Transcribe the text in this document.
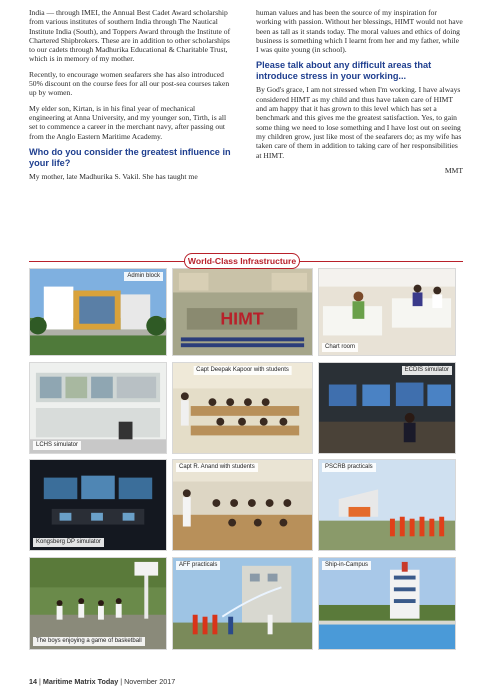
India — through IMEI, the Annual Best Cadet Award scholarship from various institutes of southern India through The Nautical Institute India (South), and Toppers Award through the Institute of Chartered Shipbrokers. These are in addition to other scholarships to our cadets through Madhurika Educational & Charitable Trust, which is in memory of my mother.

Recently, to encourage women seafarers she has also introduced 50% discount on the course fees for all our post-sea courses taken up by women.

My elder son, Kirtan, is in his final year of mechanical engineering at Anna University, and my younger son, Tirth, is all set to commence a career in the merchant navy, after passing out from the Anglo Eastern Maritime Academy.

Who do you consider the greatest influence in your life?

My mother, late Madhurika S. Vakil. She has taught me

human values and has been the source of my inspiration for working with passion. Without her blessings, HIMT would not have been as tall as it stands today. The moral values and ethics of doing business is something which I learnt from her and my father, while I was quite young (in school).

Please talk about any difficult areas that introduce stress in your working...

By God's grace, I am not stressed when I'm working. I have always considered HIMT as my child and thus have taken care of HIMT and am happy that it has grown to this level which has set a benchmark and this gives me the greatest satisfaction. Yes, to gain some thing we need to lose something and I have lost out on seeing my children grow, just like most of the seafarers do; as my wife has taken care of them in addition to taking care of her responsibilities at HIMT.

MMT
World-Class Infrastructure
Admin block
HIMT
Chart room
LCHS simulator
Capt Deepak Kapoor with students	ECDIS simulator
Kongsberg DP simulator
Capt R. Anand with students	PSCRB practicals
The boys enjoying a game of basketball
AFF practicals	Ship-in-Campus
14 | Maritime Matrix Today | November 2017
